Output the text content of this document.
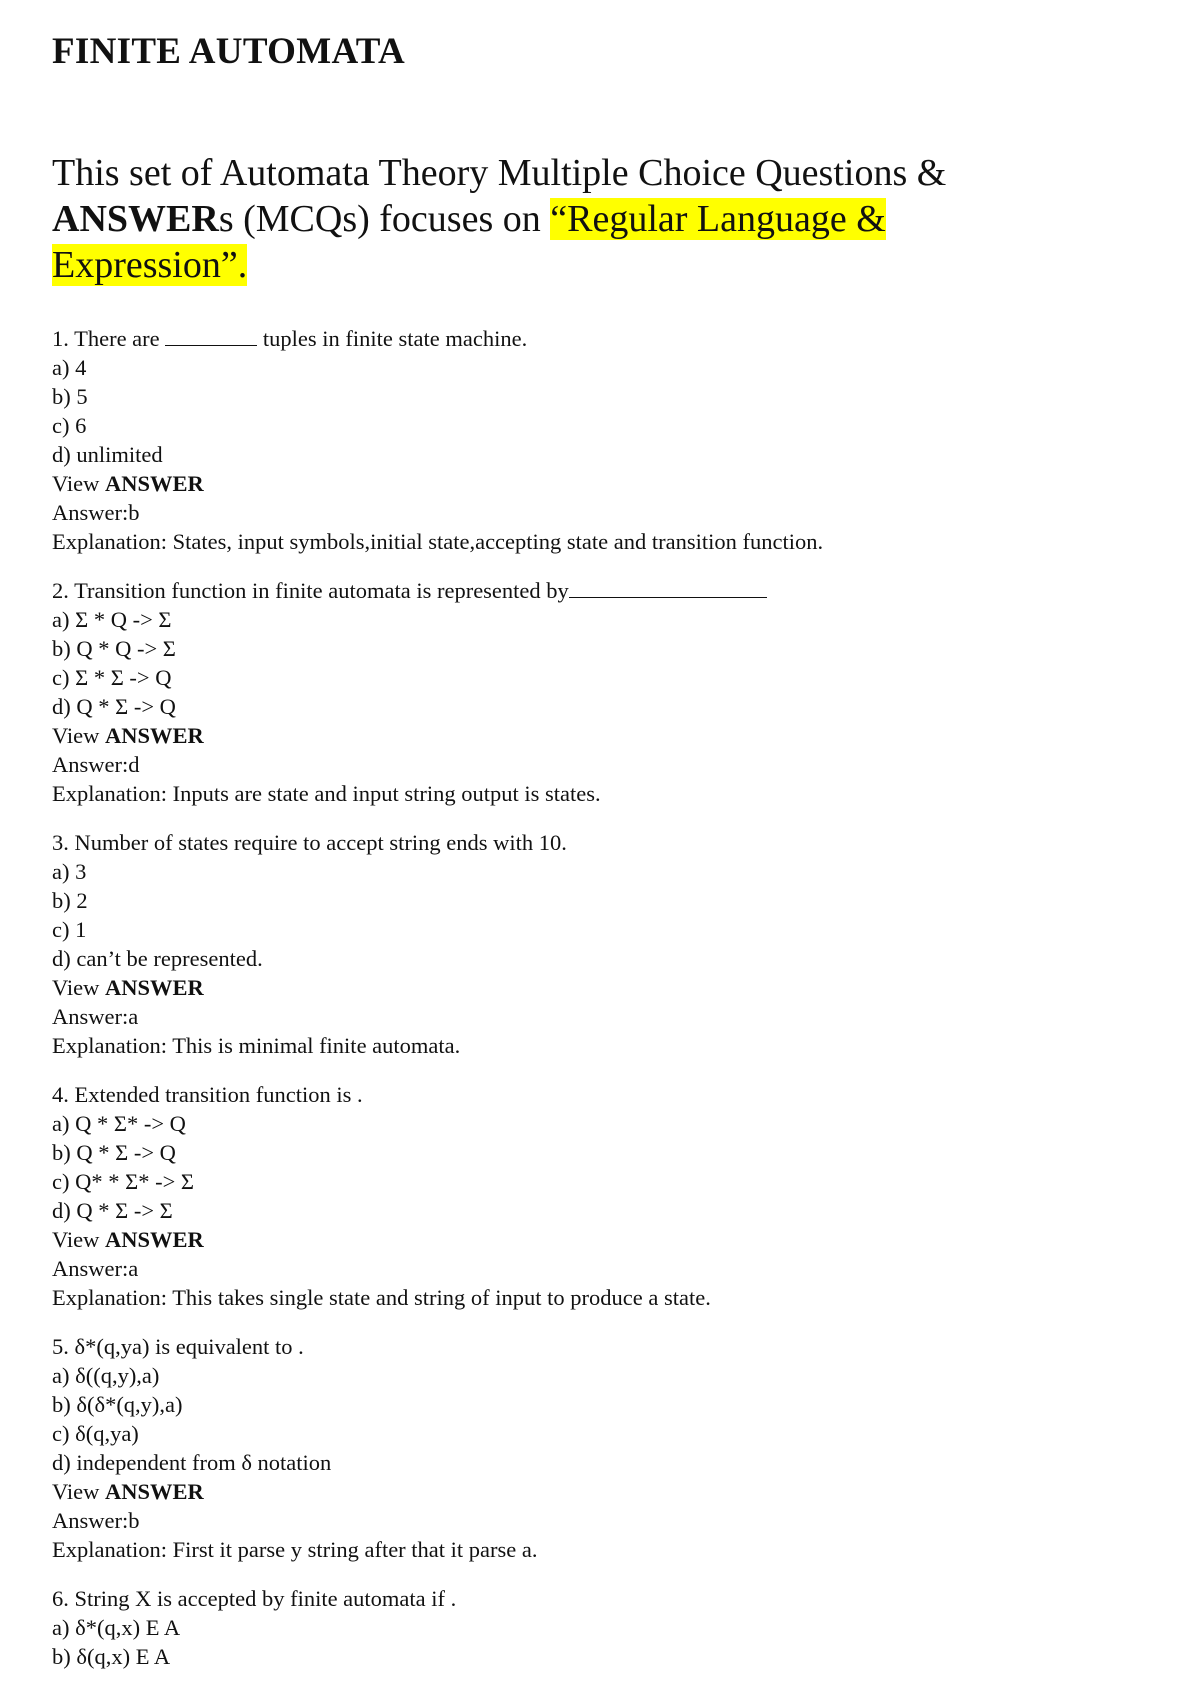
FINITE AUTOMATA
This set of Automata Theory Multiple Choice Questions & ANSWERs (MCQs) focuses on “Regular Language &
Expression”.
1. There are	tuples in finite state machine.
a) 4
b) 5
c) 6
d) unlimited
View ANSWER
Answer:b
Explanation: States, input symbols,initial state,accepting state and transition function.
2. Transition function in finite automata is represented by
a) Σ * Q -> Σ
b) Q * Q -> Σ
c) Σ * Σ -> Q
d) Q * Σ -> Q
View ANSWER
Answer:d
Explanation: Inputs are state and input string output is states.
3. Number of states require to accept string ends with 10.
a) 3
b) 2
c) 1
d) can’t be represented.
View ANSWER
Answer:a
Explanation: This is minimal finite automata.
4. Extended transition function is .
a) Q * Σ* -> Q
b) Q * Σ -> Q
c) Q* * Σ* -> Σ
d) Q * Σ -> Σ
View ANSWER
Answer:a
Explanation: This takes single state and string of input to produce a state.
5. δ*(q,ya) is equivalent to .
a) δ((q,y),a)
b) δ(δ*(q,y),a)
c) δ(q,ya)
d) independent from δ notation
View ANSWER
Answer:b
Explanation: First it parse y string after that it parse a.
6. String X is accepted by finite automata if .
a) δ*(q,x) E A
b) δ(q,x) E A
